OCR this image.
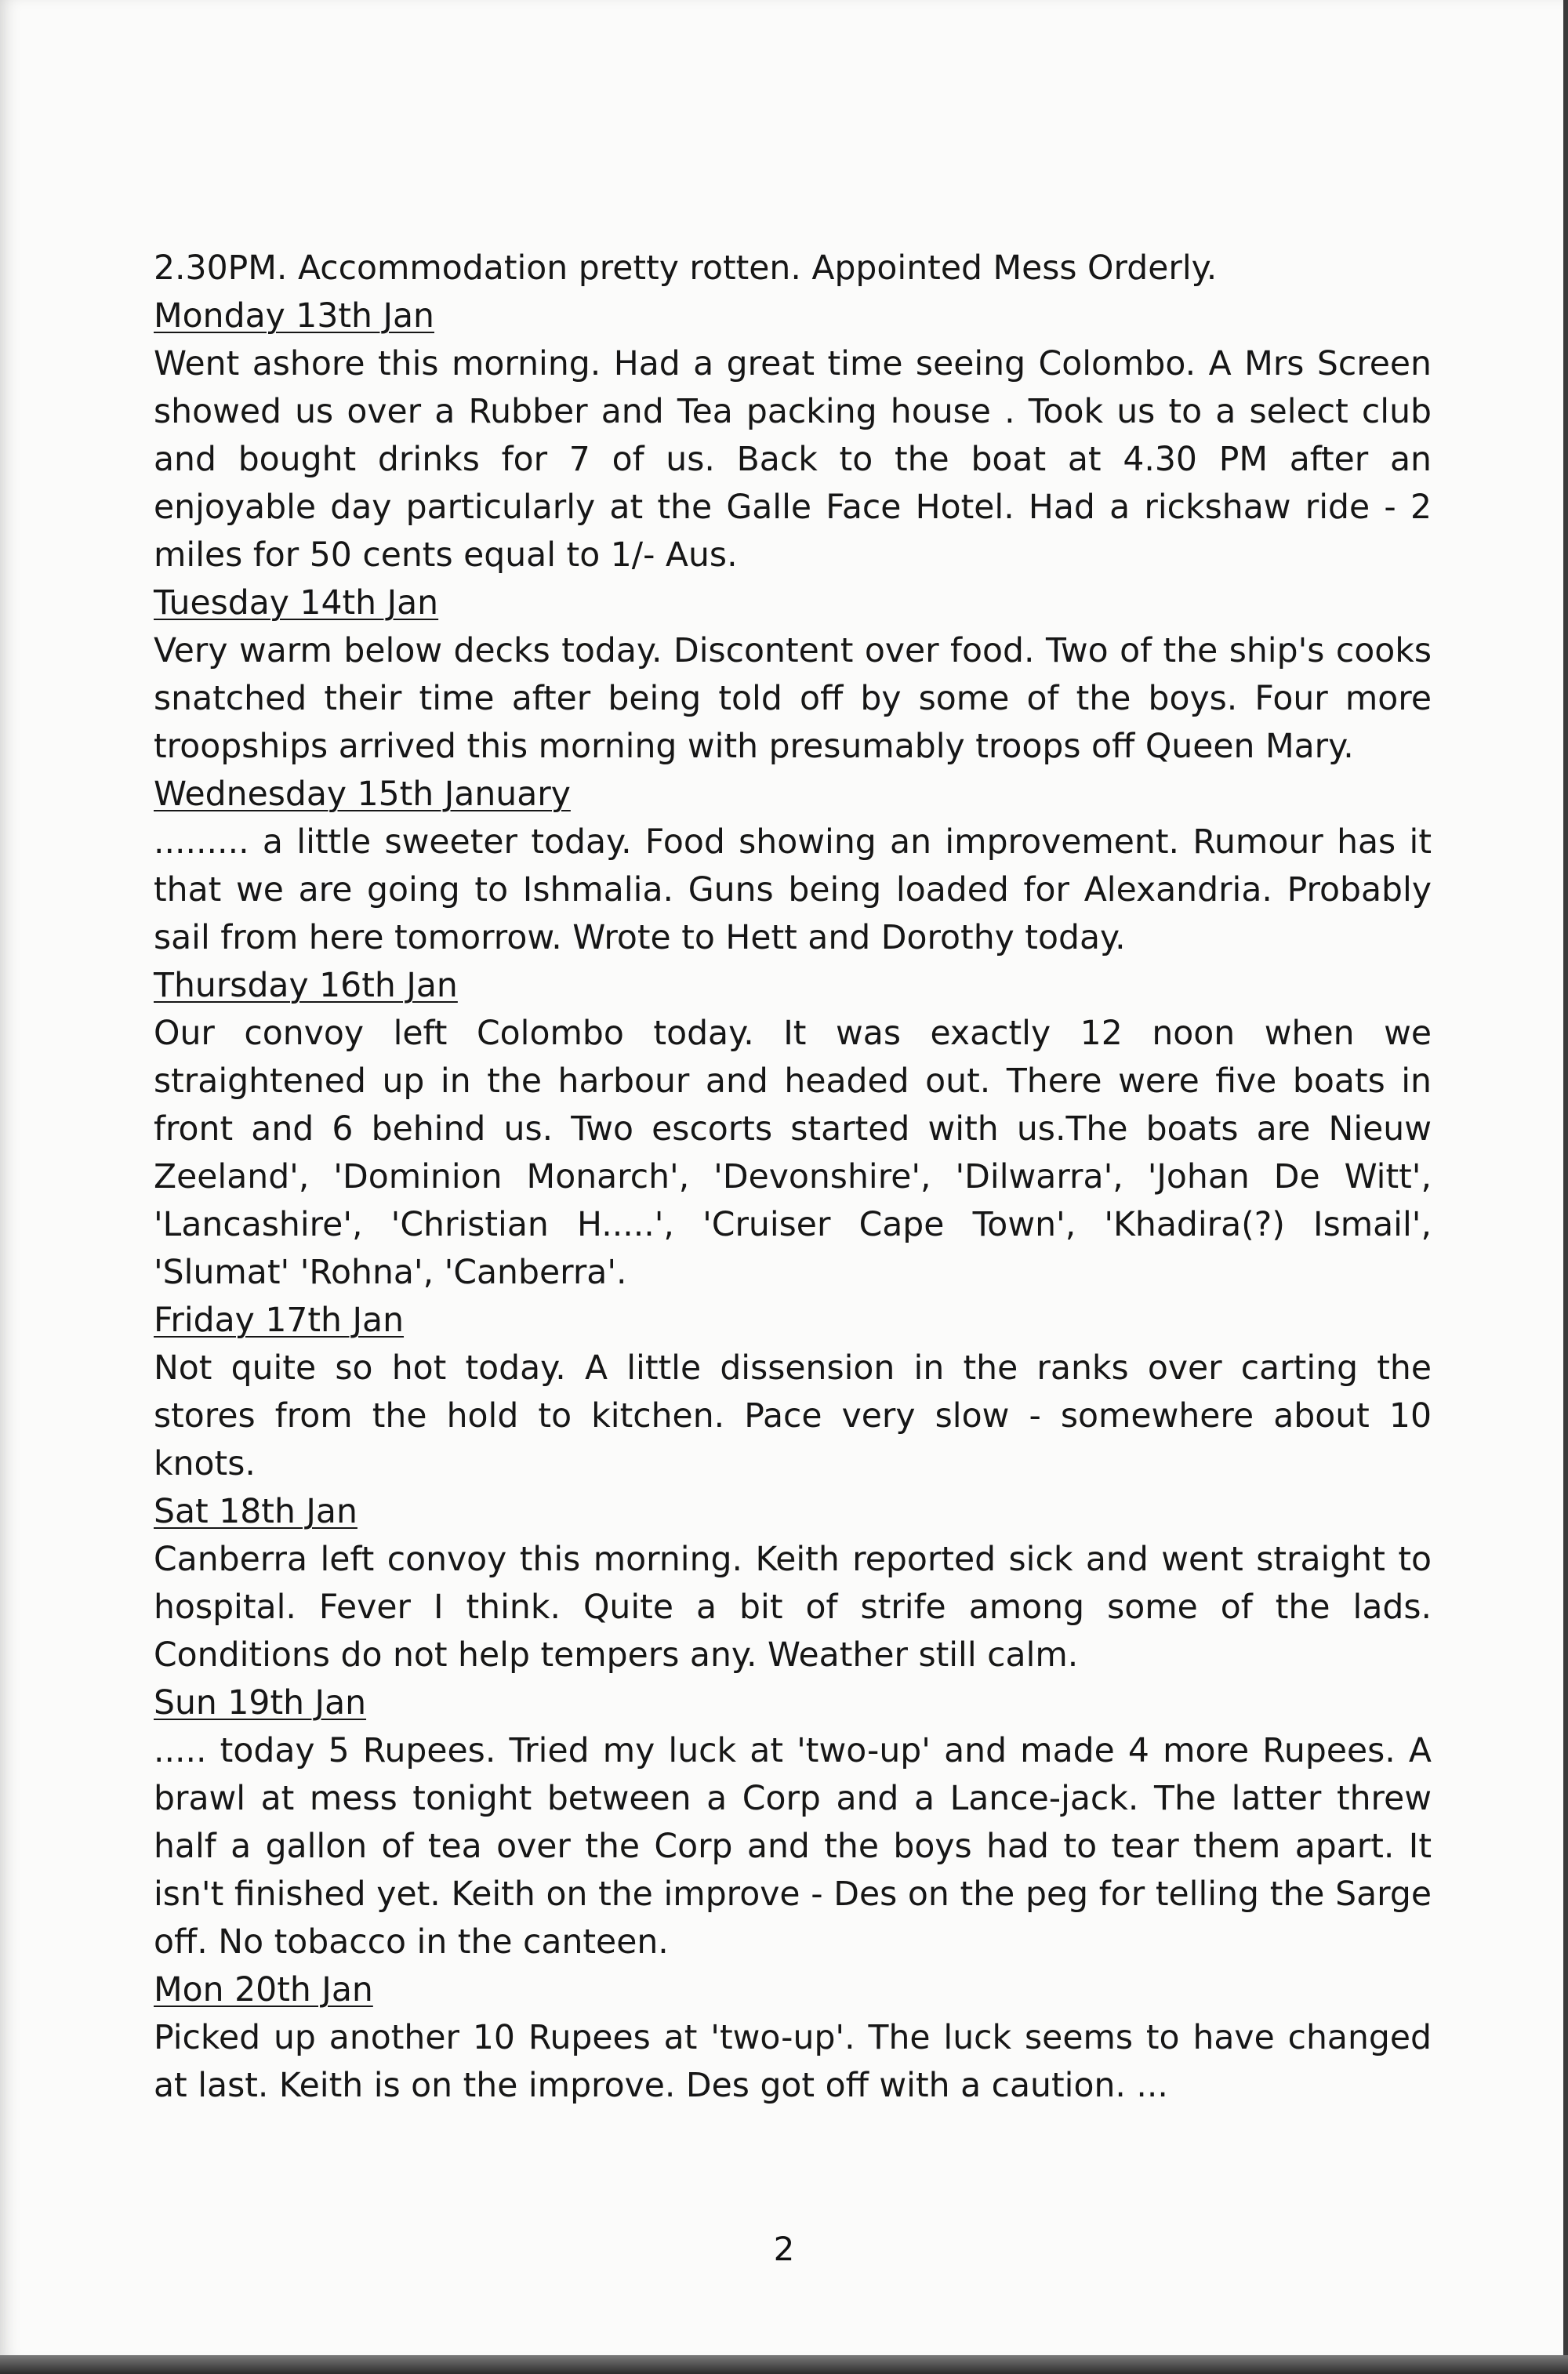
2.30PM. Accommodation pretty rotten. Appointed Mess Orderly.

Monday 13th Jan

Went ashore this morning. Had a great time seeing Colombo. A Mrs Screen showed us over a Rubber and Tea packing house . Took us to a select club and bought drinks for 7 of us. Back to the boat at 4.30 PM after an enjoyable day particularly at the Galle Face Hotel. Had a rickshaw ride - 2 miles for 50 cents equal to 1/- Aus.

Tuesday 14th Jan

Very warm below decks today. Discontent over food. Two of the ship's cooks snatched their time after being told off by some of the boys. Four more troopships arrived this morning with presumably troops off Queen Mary.

Wednesday 15th January

......... a little sweeter today. Food showing an improvement. Rumour has it that we are going to Ishmalia. Guns being loaded for Alexandria. Probably sail from here tomorrow. Wrote to Hett and Dorothy today.

Thursday 16th Jan

Our convoy left Colombo today. It was exactly 12 noon when we straightened up in the harbour and headed out. There were five boats in front and 6 behind us. Two escorts started with us.The boats are Nieuw Zeeland', 'Dominion Monarch', 'Devonshire', 'Dilwarra', 'Johan De Witt', 'Lancashire', 'Christian H.....', 'Cruiser Cape Town', 'Khadira(?) Ismail', 'Slumat' 'Rohna', 'Canberra'.

Friday 17th Jan

Not quite so hot today. A little dissension in the ranks over carting the stores from the hold to kitchen. Pace very slow - somewhere about 10 knots.

Sat 18th Jan

Canberra left convoy this morning. Keith reported sick and went straight to hospital. Fever I think. Quite a bit of strife among some of the lads. Conditions do not help tempers any. Weather still calm.

Sun 19th Jan

..... today 5 Rupees. Tried my luck at 'two-up' and made 4 more Rupees. A brawl at mess tonight between a Corp and a Lance-jack. The latter threw half a gallon of tea over the Corp and the boys had to tear them apart. It isn't finished yet. Keith on the improve - Des on the peg for telling the Sarge off. No tobacco in the canteen.

Mon 20th Jan

Picked up another 10 Rupees at 'two-up'. The luck seems to have changed at last. Keith is on the improve. Des got off with a caution. ...

2
